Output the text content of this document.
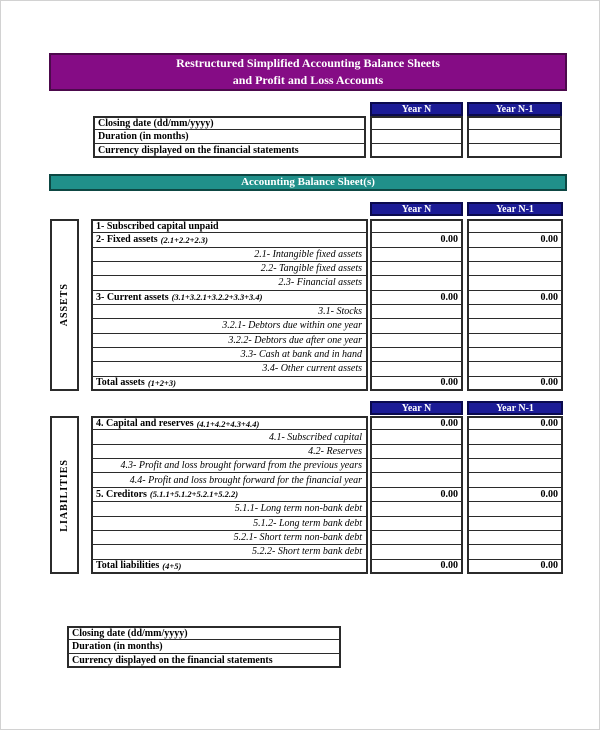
Restructured Simplified Accounting Balance Sheets
and Profit and Loss Accounts
Year N	Year N-1
Closing date (dd/mm/yyyy)
Duration (in months)
Currency displayed on the financial statements
Accounting Balance Sheet(s)
Year N	Year N-1
ASSETS
1- Subscribed capital unpaid
2- Fixed assets (2.1+2.2+2.3)	0.00	0.00
2.1- Intangible fixed assets
2.2- Tangible fixed assets
2.3- Financial assets
3- Current assets (3.1+3.2.1+3.2.2+3.3+3.4)	0.00	0.00
3.1- Stocks
3.2.1- Debtors due within one year
3.2.2- Debtors due after one year
3.3- Cash at bank and in hand
3.4- Other current assets
Total assets (1+2+3)	0.00	0.00
Year N	Year N-1
LIABILITIES
4. Capital and reserves (4.1+4.2+4.3+4.4)	0.00	0.00
4.1- Subscribed capital
4.2- Reserves
4.3- Profit and loss brought forward from the previous years
4.4- Profit and loss brought forward for the financial year
5. Creditors (5.1.1+5.1.2+5.2.1+5.2.2)	0.00	0.00
5.1.1- Long term non-bank debt
5.1.2- Long term bank debt
5.2.1- Short term non-bank debt
5.2.2- Short term bank debt
Total liabilities (4+5)	0.00	0.00
Closing date (dd/mm/yyyy)
Duration (in months)
Currency displayed on the financial statements
